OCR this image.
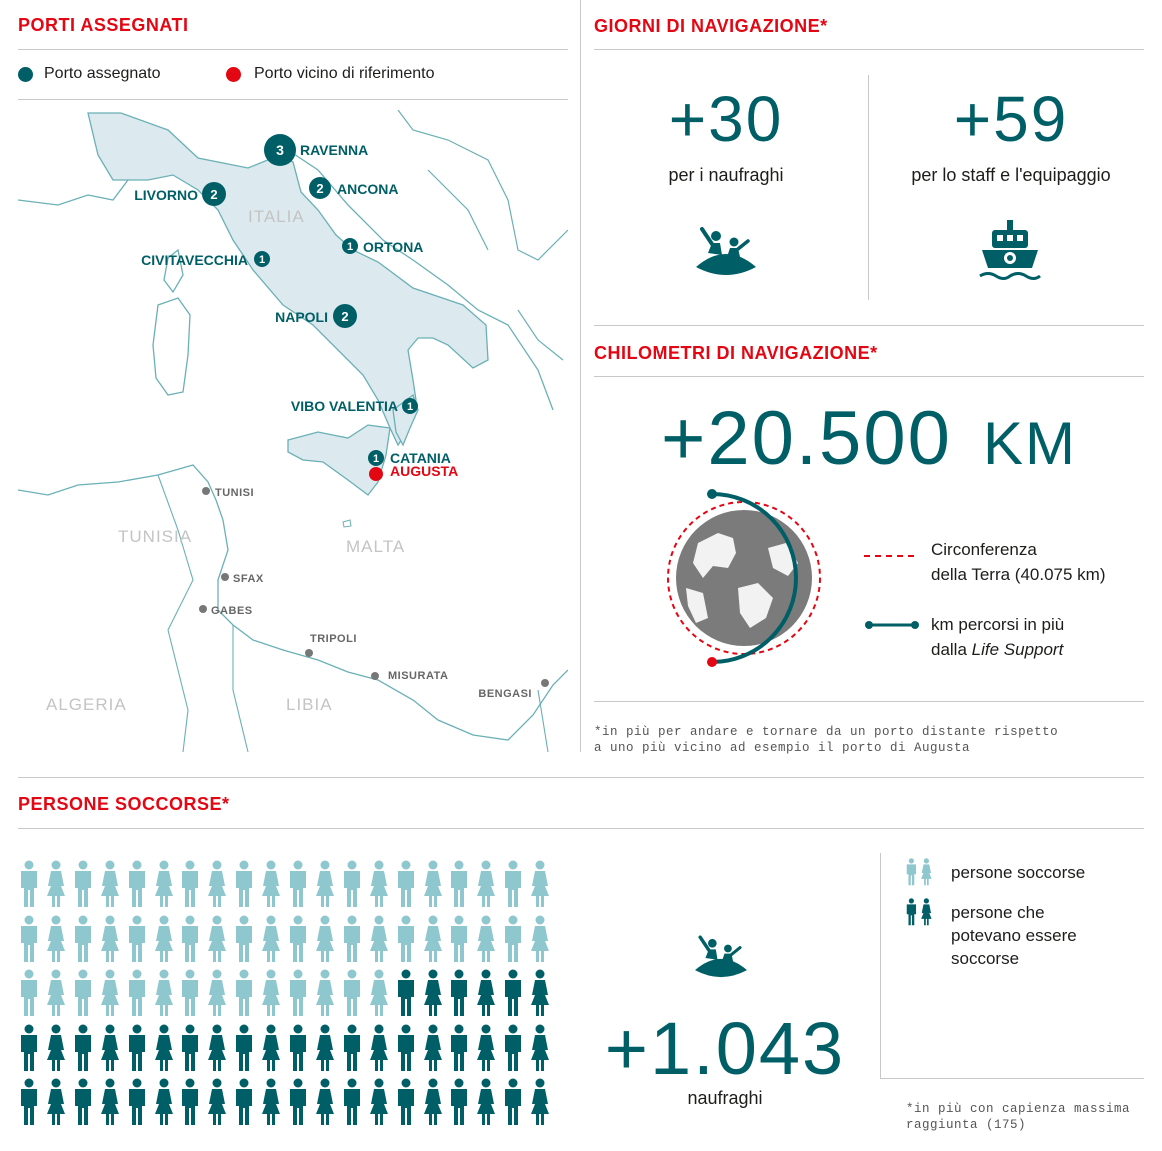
PORTI ASSEGNATI
Porto assegnato	Porto vicino di riferimento
ITALIA
TUNISIA
MALTA
ALGERIA	LIBIA
3 RAVENNA
2
LIVORNO	2 ANCONA
1 ORTONA
1
CIVITAVECCHIA
2
NAPOLI
1
VIBO VALENTIA
1 CATANIA
AUGUSTA
TUNISI
SFAX
GABES
TRIPOLI
MISURATA
BENGASI
GIORNI DI NAVIGAZIONE*
+30
per i naufraghi
+59
per lo staff e l'equipaggio
CHILOMETRI DI NAVIGAZIONE*
+20.500 KM
Circonferenza
della Terra (40.075 km)
km percorsi in più
dalla Life Support
*in più per andare e tornare da un porto distante rispetto
a uno più vicino ad esempio il porto di Augusta
PERSONE SOCCORSE*
+1.043
naufraghi
persone soccorse
persone che
potevano essere
soccorse
*in più con capienza massima
raggiunta (175)
